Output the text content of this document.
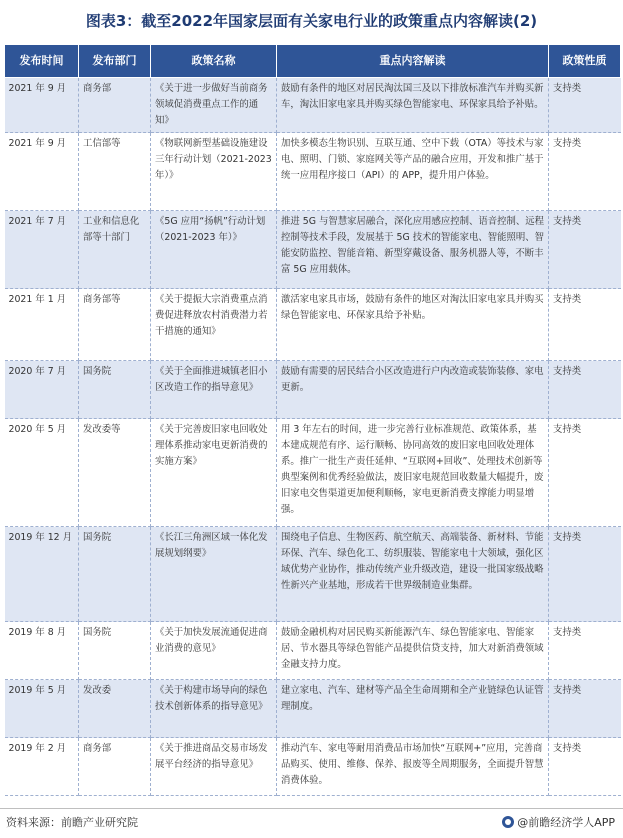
图表3：截至2022年国家层面有关家电行业的政策重点内容解读(2)
发布时间	发布部门	政策名称	重点内容解读	政策性质
2021 年 9 月	商务部	《关于进一步做好当前商务领域促消费重点工作的通知》	鼓励有条件的地区对居民淘汰国三及以下排放标准汽车并购买新车，淘汰旧家电家具并购买绿色智能家电、环保家具给予补贴。	支持类
2021 年 9 月	工信部等	《物联网新型基础设施建设三年行动计划（2021-2023 年）》	加快多模态生物识别、互联互通、空中下载（OTA）等技术与家电、照明、门锁、家庭网关等产品的融合应用，开发和推广基于统一应用程序接口（API）的 APP，提升用户体验。	支持类
2021 年 7 月	工业和信息化部等十部门	《5G 应用“扬帆”行动计划（2021-2023 年）》	推进 5G 与智慧家居融合，深化应用感应控制、语音控制、远程控制等技术手段，发展基于 5G 技术的智能家电、智能照明、智能安防监控、智能音箱、新型穿戴设备、服务机器人等，不断丰富 5G 应用载体。	支持类
2021 年 1 月	商务部等	《关于提振大宗消费重点消费促进释放农村消费潜力若干措施的通知》	激活家电家具市场，鼓励有条件的地区对淘汰旧家电家具并购买绿色智能家电、环保家具给予补贴。	支持类
2020 年 7 月	国务院	《关于全面推进城镇老旧小区改造工作的指导意见》	鼓励有需要的居民结合小区改造进行户内改造或装饰装修、家电更新。	支持类
2020 年 5 月	发改委等	《关于完善废旧家电回收处理体系推动家电更新消费的实施方案》	用 3 年左右的时间，进一步完善行业标准规范、政策体系，基本建成规范有序、运行顺畅、协同高效的废旧家电回收处理体系。推广一批生产责任延伸、“互联网+回收”、处理技术创新等典型案例和优秀经验做法，废旧家电规范回收数量大幅提升，废旧家电交售渠道更加便利顺畅，家电更新消费支撑能力明显增强。	支持类
2019 年 12 月	国务院	《长江三角洲区域一体化发展规划纲要》	围绕电子信息、生物医药、航空航天、高端装备、新材料、节能环保、汽车、绿色化工、纺织服装、智能家电十大领域，强化区域优势产业协作，推动传统产业升级改造，建设一批国家级战略性新兴产业基地，形成若干世界级制造业集群。	支持类
2019 年 8 月	国务院	《关于加快发展流通促进商业消费的意见》	鼓励金融机构对居民购买新能源汽车、绿色智能家电、智能家居、节水器具等绿色智能产品提供信贷支持，加大对新消费领域金融支持力度。	支持类
2019 年 5 月	发改委	《关于构建市场导向的绿色技术创新体系的指导意见》	建立家电、汽车、建材等产品全生命周期和全产业链绿色认证管理制度。	支持类
2019 年 2 月	商务部	《关于推进商品交易市场发展平台经济的指导意见》	推动汽车、家电等耐用消费品市场加快“互联网+”应用，完善商品购买、使用、维修、保养、报废等全周期服务，全面提升智慧消费体验。	支持类
资料来源：前瞻产业研究院	@前瞻经济学人APP
